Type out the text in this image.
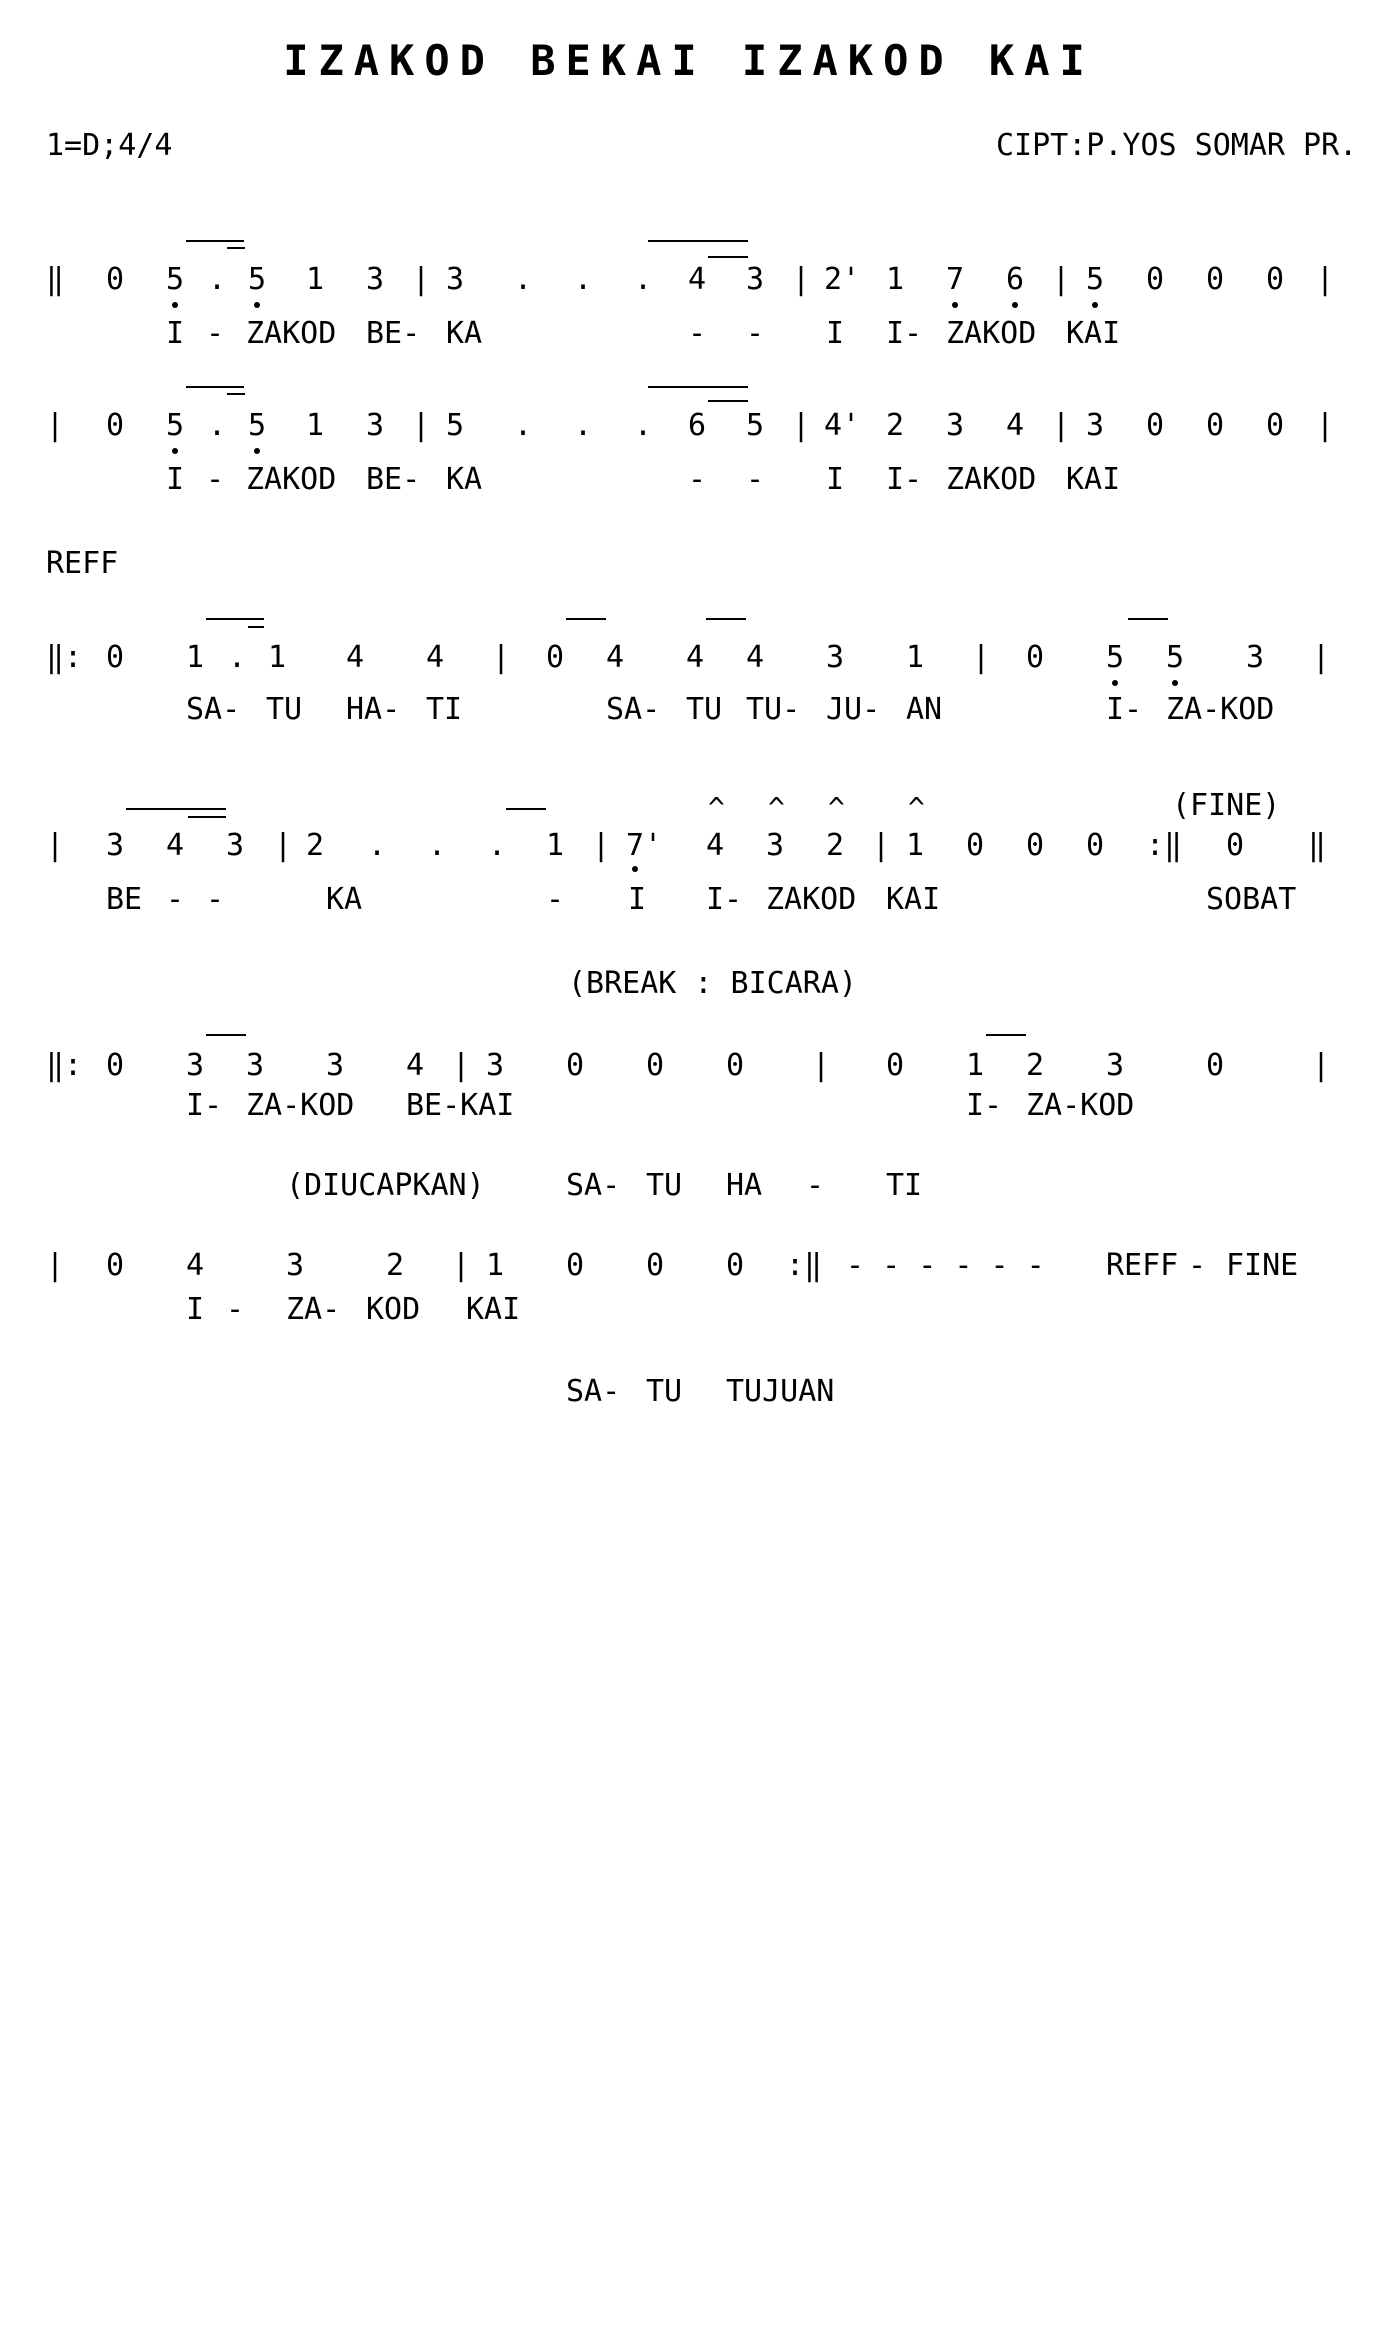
IZAKOD BEKAI IZAKOD KAI
1=D;4/4	CIPT:P.YOS SOMAR PR.
‖ 0 5 . 5 1 3 | 3 . . . 4 3 | 2' 1 7 6 | 5 0 0 0 |
I - ZAKOD BE- KA	- - I I- ZAKOD KAI
| 0 5 . 5 1 3 | 5 . . . 6 5 | 4' 2 3 4 | 3 0 0 0 |
I - ZAKOD BE- KA	- - I I- ZAKOD KAI
REFF
‖: 0 1 . 1 4 4 | 0 4 4 4 3 1 | 0 5 5 3 |
SA- TU HA- TI	SA- TU TU- JU- AN	I- ZA-KOD
(FINE)
^ ^ ^ ^
| 3 4 3 | 2 . . . 1 | 7' 4 3 2 | 1 0 0 0 :‖ 0 ‖
BE - -	KA	- I I- ZAKOD KAI	SOBAT
(BREAK : BICARA)
‖: 0 3 3 3 4 | 3 0 0 0 | 0 1 2 3	0	|
I- ZA-KOD BE-KAI	I- ZA-KOD
(DIUCAPKAN)	SA- TU HA - TI
| 0 4	3	2 | 1 0 0 0 :‖ - - - - - - REFF - FINE
I - ZA- KOD KAI
SA- TU TUJUAN
